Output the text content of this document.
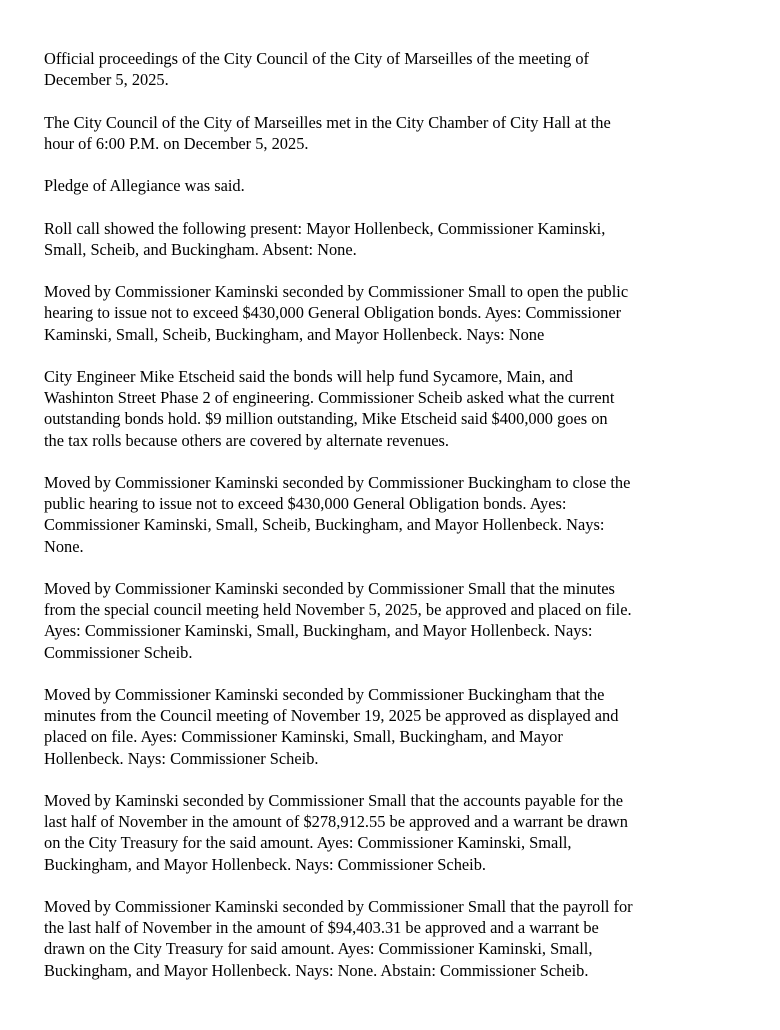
Official proceedings of the City Council of the City of Marseilles of the meeting of
December 5, 2025.

The City Council of the City of Marseilles met in the City Chamber of City Hall at the
hour of 6:00 P.M. on December 5, 2025.

Pledge of Allegiance was said.

Roll call showed the following present: Mayor Hollenbeck, Commissioner Kaminski,
Small, Scheib, and Buckingham. Absent: None.

Moved by Commissioner Kaminski seconded by Commissioner Small to open the public
hearing to issue not to exceed $430,000 General Obligation bonds. Ayes: Commissioner
Kaminski, Small, Scheib, Buckingham, and Mayor Hollenbeck. Nays: None

City Engineer Mike Etscheid said the bonds will help fund Sycamore, Main, and
Washinton Street Phase 2 of engineering. Commissioner Scheib asked what the current
outstanding bonds hold. $9 million outstanding, Mike Etscheid said $400,000 goes on
the tax rolls because others are covered by alternate revenues.

Moved by Commissioner Kaminski seconded by Commissioner Buckingham to close the
public hearing to issue not to exceed $430,000 General Obligation bonds. Ayes:
Commissioner Kaminski, Small, Scheib, Buckingham, and Mayor Hollenbeck. Nays:
None.

Moved by Commissioner Kaminski seconded by Commissioner Small that the minutes
from the special council meeting held November 5, 2025, be approved and placed on file.
Ayes: Commissioner Kaminski, Small, Buckingham, and Mayor Hollenbeck. Nays:
Commissioner Scheib.

Moved by Commissioner Kaminski seconded by Commissioner Buckingham that the
minutes from the Council meeting of November 19, 2025 be approved as displayed and
placed on file. Ayes: Commissioner Kaminski, Small, Buckingham, and Mayor
Hollenbeck. Nays: Commissioner Scheib.

Moved by Kaminski seconded by Commissioner Small that the accounts payable for the
last half of November in the amount of $278,912.55 be approved and a warrant be drawn
on the City Treasury for the said amount. Ayes: Commissioner Kaminski, Small,
Buckingham, and Mayor Hollenbeck. Nays: Commissioner Scheib.

Moved by Commissioner Kaminski seconded by Commissioner Small that the payroll for
the last half of November in the amount of $94,403.31 be approved and a warrant be
drawn on the City Treasury for said amount. Ayes: Commissioner Kaminski, Small,
Buckingham, and Mayor Hollenbeck. Nays: None. Abstain: Commissioner Scheib.
